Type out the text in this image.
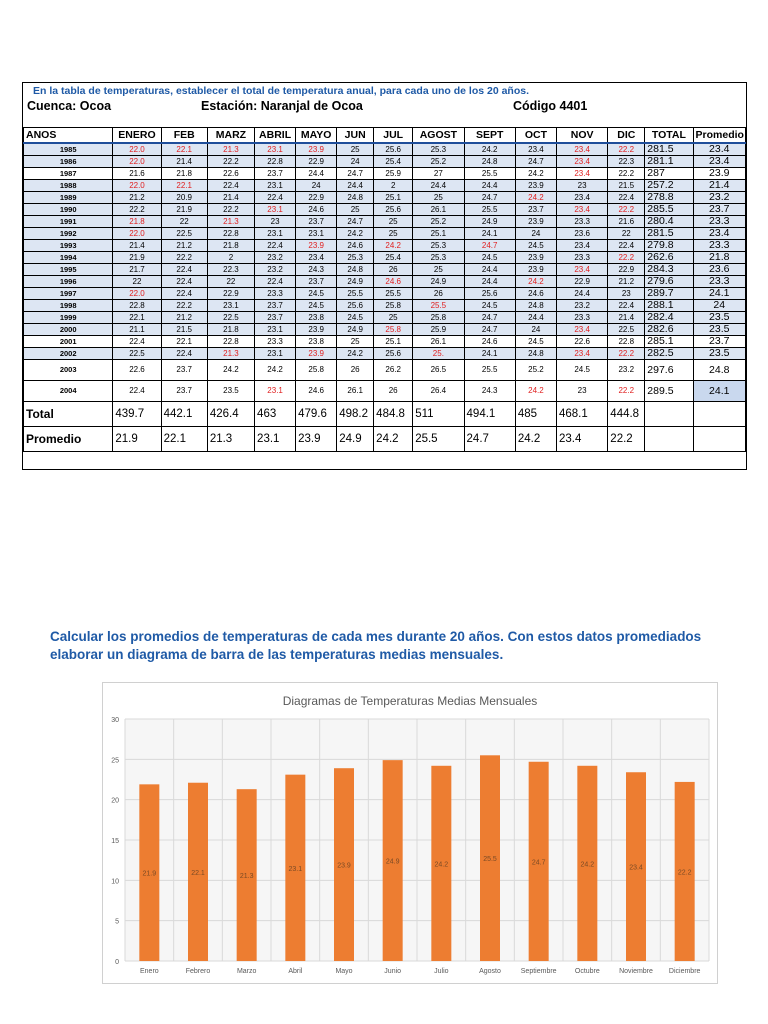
En la tabla de temperaturas, establecer el total de temperatura anual, para cada uno de los 20 años.
Cuenca: Ocoa	Estación: Naranjal de Ocoa	Código 4401
ANOS	ENERO	FEB	MARZ	ABRIL	MAYO	JUN	JUL	AGOST	SEPT	OCT	NOV	DIC	TOTAL	Promedio
1985	22.0	22.1	21.3	23.1	23.9	25	25.6	25.3	24.2	23.4	23.4	22.2	281.5	23.4
1986	22.0	21.4	22.2	22.8	22.9	24	25.4	25.2	24.8	24.7	23.4	22.3	281.1	23.4
1987	21.6	21.8	22.6	23.7	24.4	24.7	25.9	27	25.5	24.2	23.4	22.2	287	23.9
1988	22.0	22.1	22.4	23.1	24	24.4	2	24.4	24.4	23.9	23	21.5	257.2	21.4
1989	21.2	20.9	21.4	22.4	22.9	24.8	25.1	25	24.7	24.2	23.4	22.4	278.8	23.2
1990	22.2	21.9	22.2	23.1	24.6	25	25.6	26.1	25.5	23.7	23.4	22.2	285.5	23.7
1991	21.8	22	21.3	23	23.7	24.7	25	25.2	24.9	23.9	23.3	21.6	280.4	23.3
1992	22.0	22.5	22.8	23.1	23.1	24.2	25	25.1	24.1	24	23.6	22	281.5	23.4
1993	21.4	21.2	21.8	22.4	23.9	24.6	24.2	25.3	24.7	24.5	23.4	22.4	279.8	23.3
1994	21.9	22.2	2	23.2	23.4	25.3	25.4	25.3	24.5	23.9	23.3	22.2	262.6	21.8
1995	21.7	22.4	22.3	23.2	24.3	24.8	26	25	24.4	23.9	23.4	22.9	284.3	23.6
1996	22	22.4	22	22.4	23.7	24.9	24.6	24.9	24.4	24.2	22.9	21.2	279.6	23.3
1997	22.0	22.4	22.9	23.3	24.5	25.5	25.5	26	25.6	24.6	24.4	23	289.7	24.1
1998	22.8	22.2	23.1	23.7	24.5	25.6	25.8	25.5	24.5	24.8	23.2	22.4	288.1	24
1999	22.1	21.2	22.5	23.7	23.8	24.5	25	25.8	24.7	24.4	23.3	21.4	282.4	23.5
2000	21.1	21.5	21.8	23.1	23.9	24.9	25.8	25.9	24.7	24	23.4	22.5	282.6	23.5
2001	22.4	22.1	22.8	23.3	23.8	25	25.1	26.1	24.6	24.5	22.6	22.8	285.1	23.7
2002	22.5	22.4	21.3	23.1	23.9	24.2	25.6	25.	24.1	24.8	23.4	22.2	282.5	23.5
2003	22.6	23.7	24.2	24.2	25.8	26	26.2	26.5	25.5	25.2	24.5	23.2	297.6	24.8
2004	22.4	23.7	23.5	23.1	24.6	26.1	26	26.4	24.3	24.2	23	22.2	289.5	24.1
Total	439.7	442.1	426.4	463	479.6	498.2	484.8	511	494.1	485	468.1	444.8		
Promedio	21.9	22.1	21.3	23.1	23.9	24.9	24.2	25.5	24.7	24.2	23.4	22.2		
Calcular los promedios de temperaturas de cada mes durante 20 años. Con estos datos promediados elaborar un diagrama de barra de las temperaturas medias mensuales.
Diagramas de Temperaturas Medias Mensuales
0
5
10
15
20
25
30
21.9
Enero
22.1
Febrero
21.3
Marzo
23.1
Abril
23.9
Mayo
24.9
Junio
24.2
Julio
25.5
Agosto
24.7
Septiembre
24.2
Octubre
23.4
Noviembre
22.2
Diciembre
